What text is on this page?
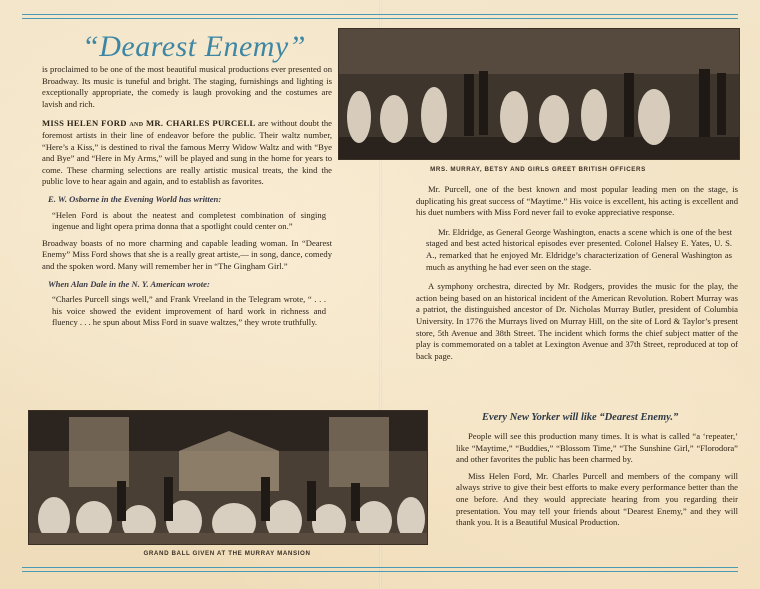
“Dearest Enemy”

is proclaimed to be one of the most beautiful musical productions ever presented on Broadway. Its music is tuneful and bright. The staging, furnishings and lighting is exceptionally appropriate, the comedy is laugh provoking and the costumes are lavish and rich.

MISS HELEN FORD and MR. CHARLES PURCELL are without doubt the foremost artists in their line of endeavor before the public. Their waltz number, “Here’s a Kiss,” is destined to rival the famous Merry Widow Waltz and with “Bye and Bye” and “Here in My Arms,” will be played and sung in the home for years to come. These charming selections are really artistic musical treats, the kind the public love to hear again and again, and to establish as favorites.

E. W. Osborne in the Evening World has written:

“Helen Ford is about the neatest and completest combination of singing ingenue and light opera prima donna that a spotlight could center on.”

Broadway boasts of no more charming and capable leading woman. In “Dearest Enemy” Miss Ford shows that she is a really great artiste,— in song, dance, comedy and the spoken word. Many will remember her in “The Gingham Girl.”

When Alan Dale in the N. Y. American wrote:

“Charles Purcell sings well,” and Frank Vreeland in the Telegram wrote, “ . . . his voice showed the evident improvement of hard work in richness and fluency . . . he spun about Miss Ford in suave waltzes,” they wrote truthfully.

GRAND BALL GIVEN AT THE MURRAY MANSION
MRS. MURRAY, BETSY AND GIRLS GREET BRITISH OFFICERS

Mr. Purcell, one of the best known and most popular leading men on the stage, is duplicating his great success of “Maytime.” His voice is excellent, his acting is excellent and his duet numbers with Miss Ford never fail to evoke appreciative response.

Mr. Eldridge, as General George Washington, enacts a scene which is one of the best staged and best acted historical episodes ever presented. Colonel Halsey E. Yates, U. S. A., remarked that he enjoyed Mr. Eldridge’s characterization of General Washington as much as anything he had ever seen on the stage.

A symphony orchestra, directed by Mr. Rodgers, provides the music for the play, the action being based on an historical incident of the American Revolution. Robert Murray was a patriot, the distinguished ancestor of Dr. Nicholas Murray Butler, president of Columbia University. In 1776 the Murrays lived on Murray Hill, on the site of Lord & Taylor’s present store, 5th Avenue and 38th Street. The incident which forms the chief subject matter of the play is commemorated on a tablet at Lexington Avenue and 37th Street, reproduced at top of back page.

Every New Yorker will like “Dearest Enemy.”

People will see this production many times. It is what is called “a ‘repeater,’ like “Maytime,” “Buddies,” “Blossom Time,” “The Sunshine Girl,” “Florodora” and other favorites the public has been charmed by.

Miss Helen Ford, Mr. Charles Purcell and members of the company will always strive to give their best efforts to make every performance better than the one before. And they would appreciate hearing from you regarding their presentation. You may tell your friends about “Dearest Enemy,” and they will thank you. It is a Beautiful Musical Production.
